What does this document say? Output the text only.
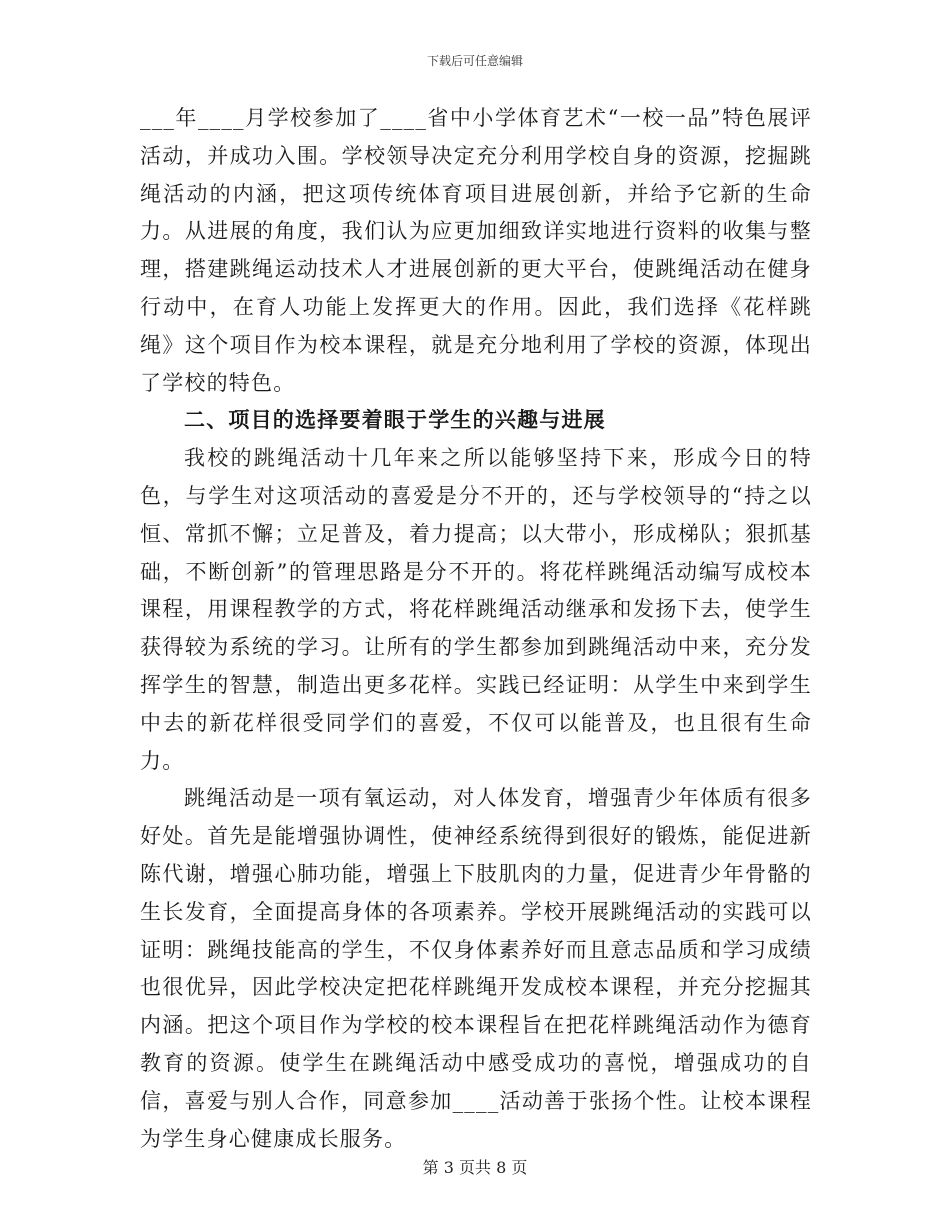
下载后可任意编辑

___年____月学校参加了____省中小学体育艺术“一校一品”特色展评活动，并成功入围。学校领导决定充分利用学校自身的资源，挖掘跳绳活动的内涵，把这项传统体育项目进展创新，并给予它新的生命力。从进展的角度，我们认为应更加细致详实地进行资料的收集与整理，搭建跳绳运动技术人才进展创新的更大平台，使跳绳活动在健身行动中，在育人功能上发挥更大的作用。因此，我们选择《花样跳绳》这个项目作为校本课程，就是充分地利用了学校的资源，体现出了学校的特色。

二、项目的选择要着眼于学生的兴趣与进展

我校的跳绳活动十几年来之所以能够坚持下来，形成今日的特色，与学生对这项活动的喜爱是分不开的，还与学校领导的“持之以恒、常抓不懈；立足普及，着力提高；以大带小，形成梯队；狠抓基础，不断创新”的管理思路是分不开的。将花样跳绳活动编写成校本课程，用课程教学的方式，将花样跳绳活动继承和发扬下去，使学生获得较为系统的学习。让所有的学生都参加到跳绳活动中来，充分发挥学生的智慧，制造出更多花样。实践已经证明：从学生中来到学生中去的新花样很受同学们的喜爱，不仅可以能普及，也且很有生命力。

跳绳活动是一项有氧运动，对人体发育，增强青少年体质有很多好处。首先是能增强协调性，使神经系统得到很好的锻炼，能促进新陈代谢，增强心肺功能，增强上下肢肌肉的力量，促进青少年骨骼的生长发育，全面提高身体的各项素养。学校开展跳绳活动的实践可以证明：跳绳技能高的学生，不仅身体素养好而且意志品质和学习成绩也很优异，因此学校决定把花样跳绳开发成校本课程，并充分挖掘其内涵。把这个项目作为学校的校本课程旨在把花样跳绳活动作为德育教育的资源。使学生在跳绳活动中感受成功的喜悦，增强成功的自信，喜爱与别人合作，同意参加____活动善于张扬个性。让校本课程为学生身心健康成长服务。

第 3 页共 8 页
